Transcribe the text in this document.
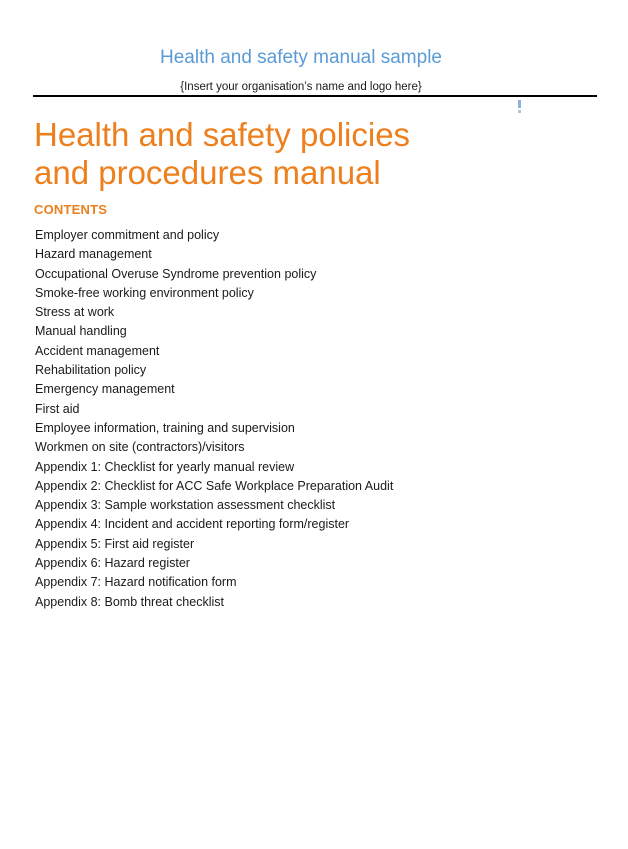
Health and safety manual sample
{Insert your organisation’s name and logo here}
Health and safety policies and procedures manual
CONTENTS
Employer commitment and policy
Hazard management
Occupational Overuse Syndrome prevention policy
Smoke-free working environment policy
Stress at work
Manual handling
Accident management
Rehabilitation policy
Emergency management
First aid
Employee information, training and supervision
Workmen on site (contractors)/visitors
Appendix 1: Checklist for yearly manual review
Appendix 2: Checklist for ACC Safe Workplace Preparation Audit
Appendix 3: Sample workstation assessment checklist
Appendix 4: Incident and accident reporting form/register
Appendix 5: First aid register
Appendix 6: Hazard register
Appendix 7: Hazard notification form
Appendix 8: Bomb threat checklist
